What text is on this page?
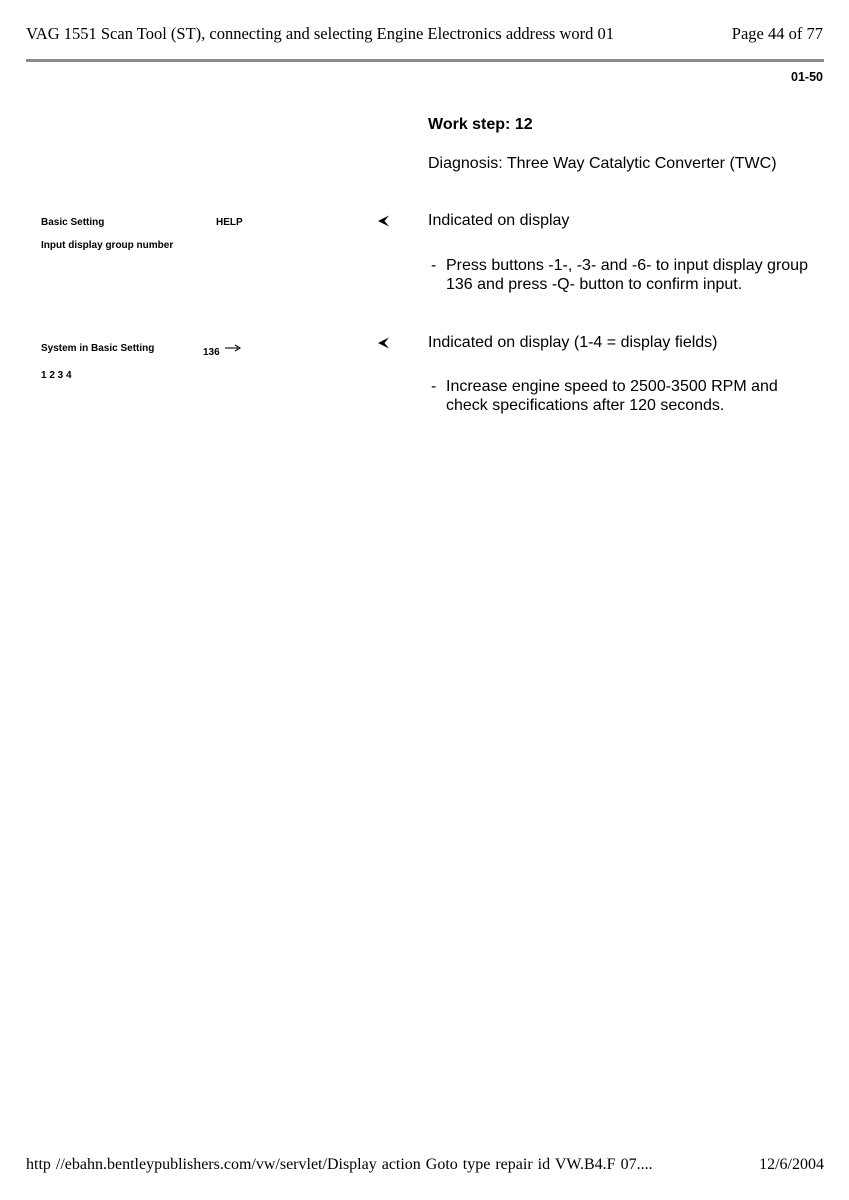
VAG 1551 Scan Tool (ST), connecting and selecting Engine Electronics address word 01	Page 44 of 77
01-50
Work step: 12
Diagnosis: Three Way Catalytic Converter (TWC)
Basic Setting	HELP
Input display group number
Indicated on display
- Press buttons -1-, -3- and -6- to input display group 136 and press -Q- button to confirm input.
System in Basic Setting	136
1 2 3 4
Indicated on display (1-4 = display fields)
- Increase engine speed to 2500-3500 RPM and check specifications after 120 seconds.
http //ebahn.bentleypublishers.com/vw/servlet/Display action Goto type repair id VW.B4.F 07....	12/6/2004
